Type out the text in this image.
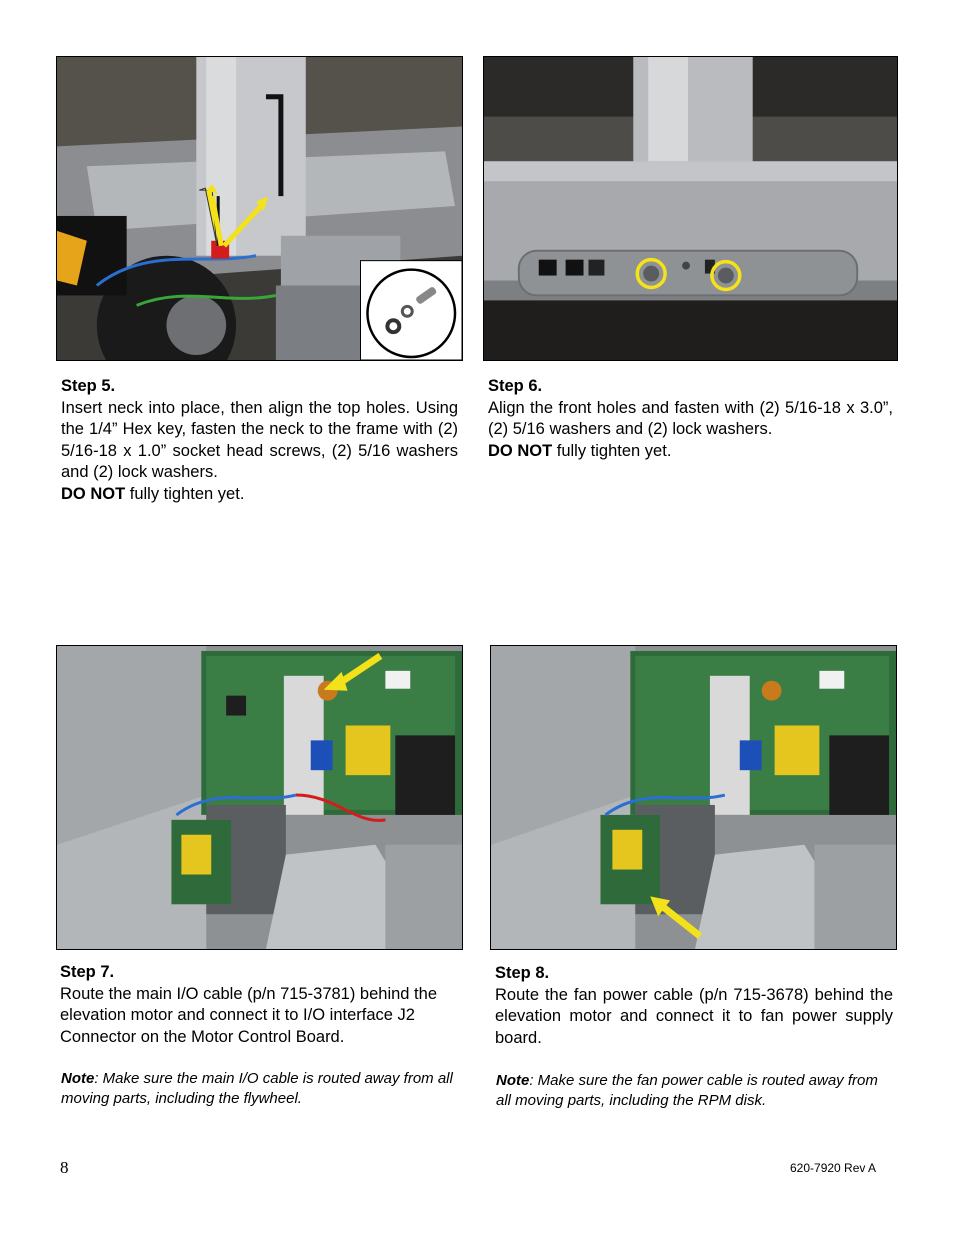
Step 5.
Insert neck into place, then align the top holes. Using the 1/4” Hex key, fasten the neck to the frame with (2) 5/16-18 x 1.0” socket head screws, (2) 5/16 washers and (2) lock washers.
DO NOT fully tighten yet.
Step 6.
Align the front holes and fasten with (2) 5/16-18 x 3.0”, (2) 5/16 washers and (2) lock washers.
DO NOT fully tighten yet.
Step 7.
Route the main I/O cable (p/n 715-3781) behind the elevation motor and connect it to I/O interface J2 Connector on the Motor Control Board.
Note: Make sure the main I/O cable is routed away from all moving parts, including the flywheel.
Step 8.
Route the fan power cable (p/n 715-3678) behind the elevation motor and connect it to fan power supply board.
Note: Make sure the fan power cable is routed away from all moving parts, including the RPM disk.
8	620-7920 Rev A
